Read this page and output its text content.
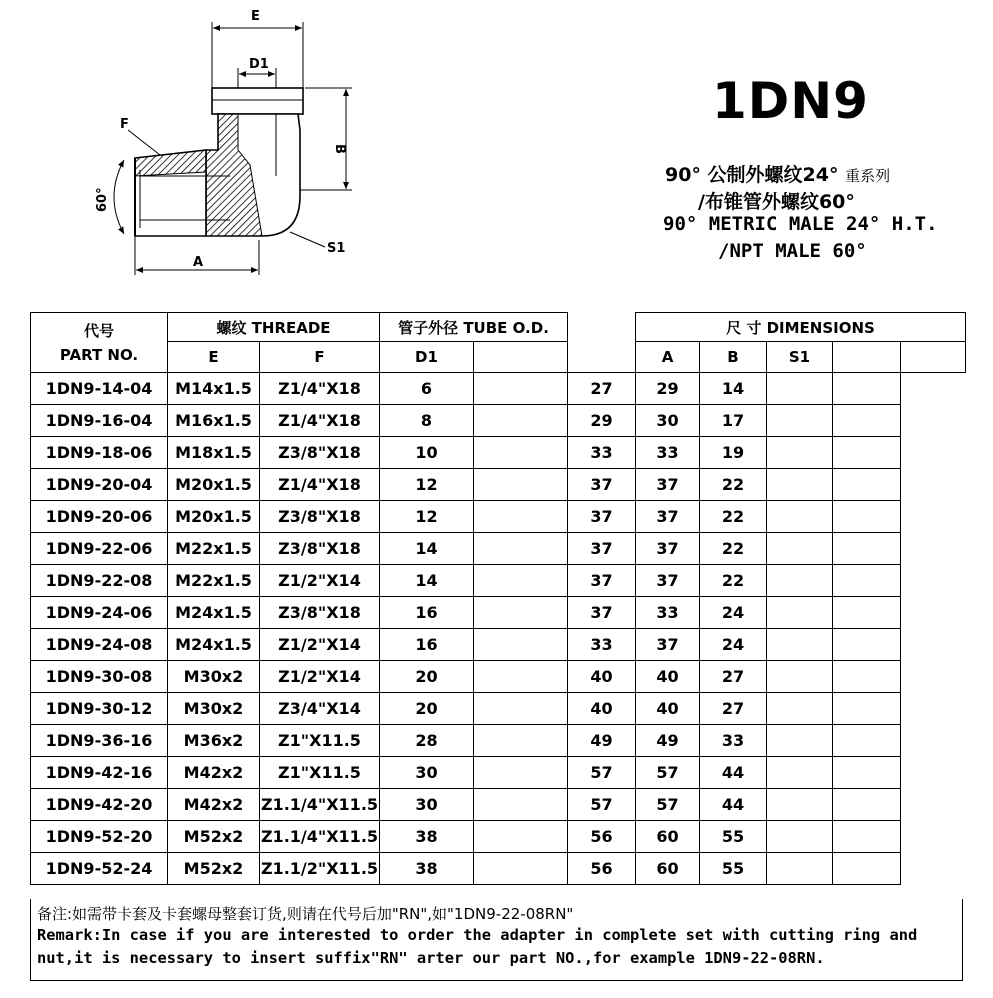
E
D1
F
B
60°
S1
A
1DN9
90° 公制外螺纹24° 重系列
/布锥管外螺纹60°
90° METRIC MALE 24° H.T.
/NPT MALE 60°
代号
PART NO.	螺纹 THREADE		管子外径 TUBE O.D.			尺 寸 DIMENSIONS				
	E	F	D1			A	B	S1		
1DN9-14-04	M14x1.5	Z1/4"X18	6		27	29	14			
1DN9-16-04	M16x1.5	Z1/4"X18	8		29	30	17			
1DN9-18-06	M18x1.5	Z3/8"X18	10		33	33	19			
1DN9-20-04	M20x1.5	Z1/4"X18	12		37	37	22			
1DN9-20-06	M20x1.5	Z3/8"X18	12		37	37	22			
1DN9-22-06	M22x1.5	Z3/8"X18	14		37	37	22			
1DN9-22-08	M22x1.5	Z1/2"X14	14		37	37	22			
1DN9-24-06	M24x1.5	Z3/8"X18	16		37	33	24			
1DN9-24-08	M24x1.5	Z1/2"X14	16		33	37	24			
1DN9-30-08	M30x2	Z1/2"X14	20		40	40	27			
1DN9-30-12	M30x2	Z3/4"X14	20		40	40	27			
1DN9-36-16	M36x2	Z1"X11.5	28		49	49	33			
1DN9-42-16	M42x2	Z1"X11.5	30		57	57	44			
1DN9-42-20	M42x2	Z1.1/4"X11.5	30		57	57	44			
1DN9-52-20	M52x2	Z1.1/4"X11.5	38		56	60	55			
1DN9-52-24	M52x2	Z1.1/2"X11.5	38		56	60	55			
备注:如需带卡套及卡套螺母整套订货,则请在代号后加"RN",如"1DN9-22-08RN"
Remark:In case if you are interested to order the adapter in complete set with cutting ring and nut,it is necessary to insert suffix"RN" arter our part NO.,for example 1DN9-22-08RN.
